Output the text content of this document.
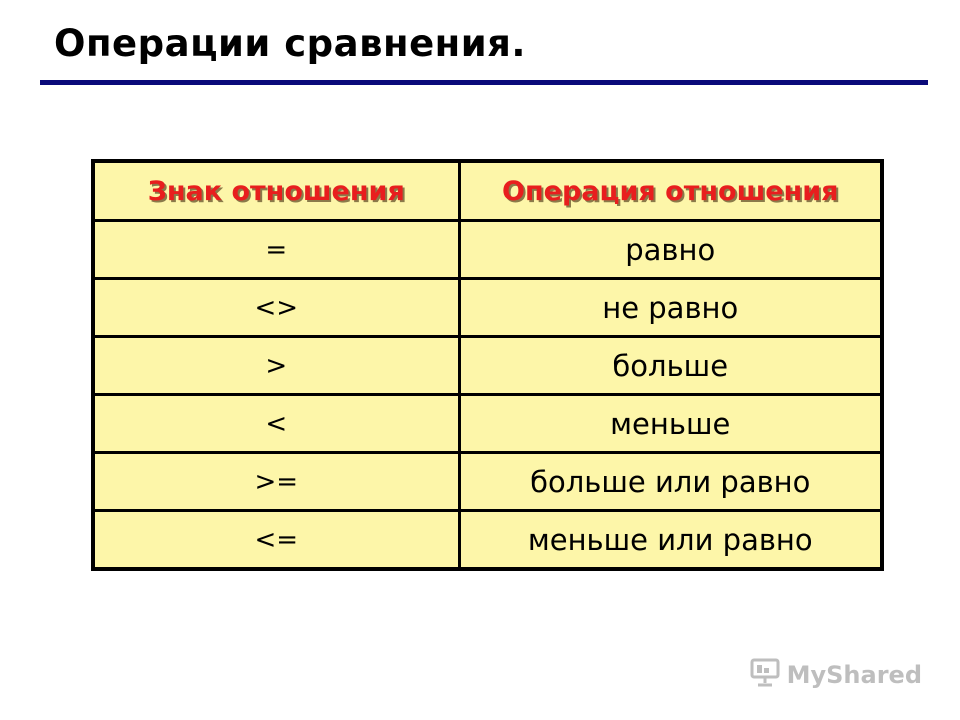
Операции сравнения.
Знак отношения	Операция отношения
=	равно
<>	не равно
>	больше
<	меньше
>=	больше или равно
<=	меньше или равно
MyShared
